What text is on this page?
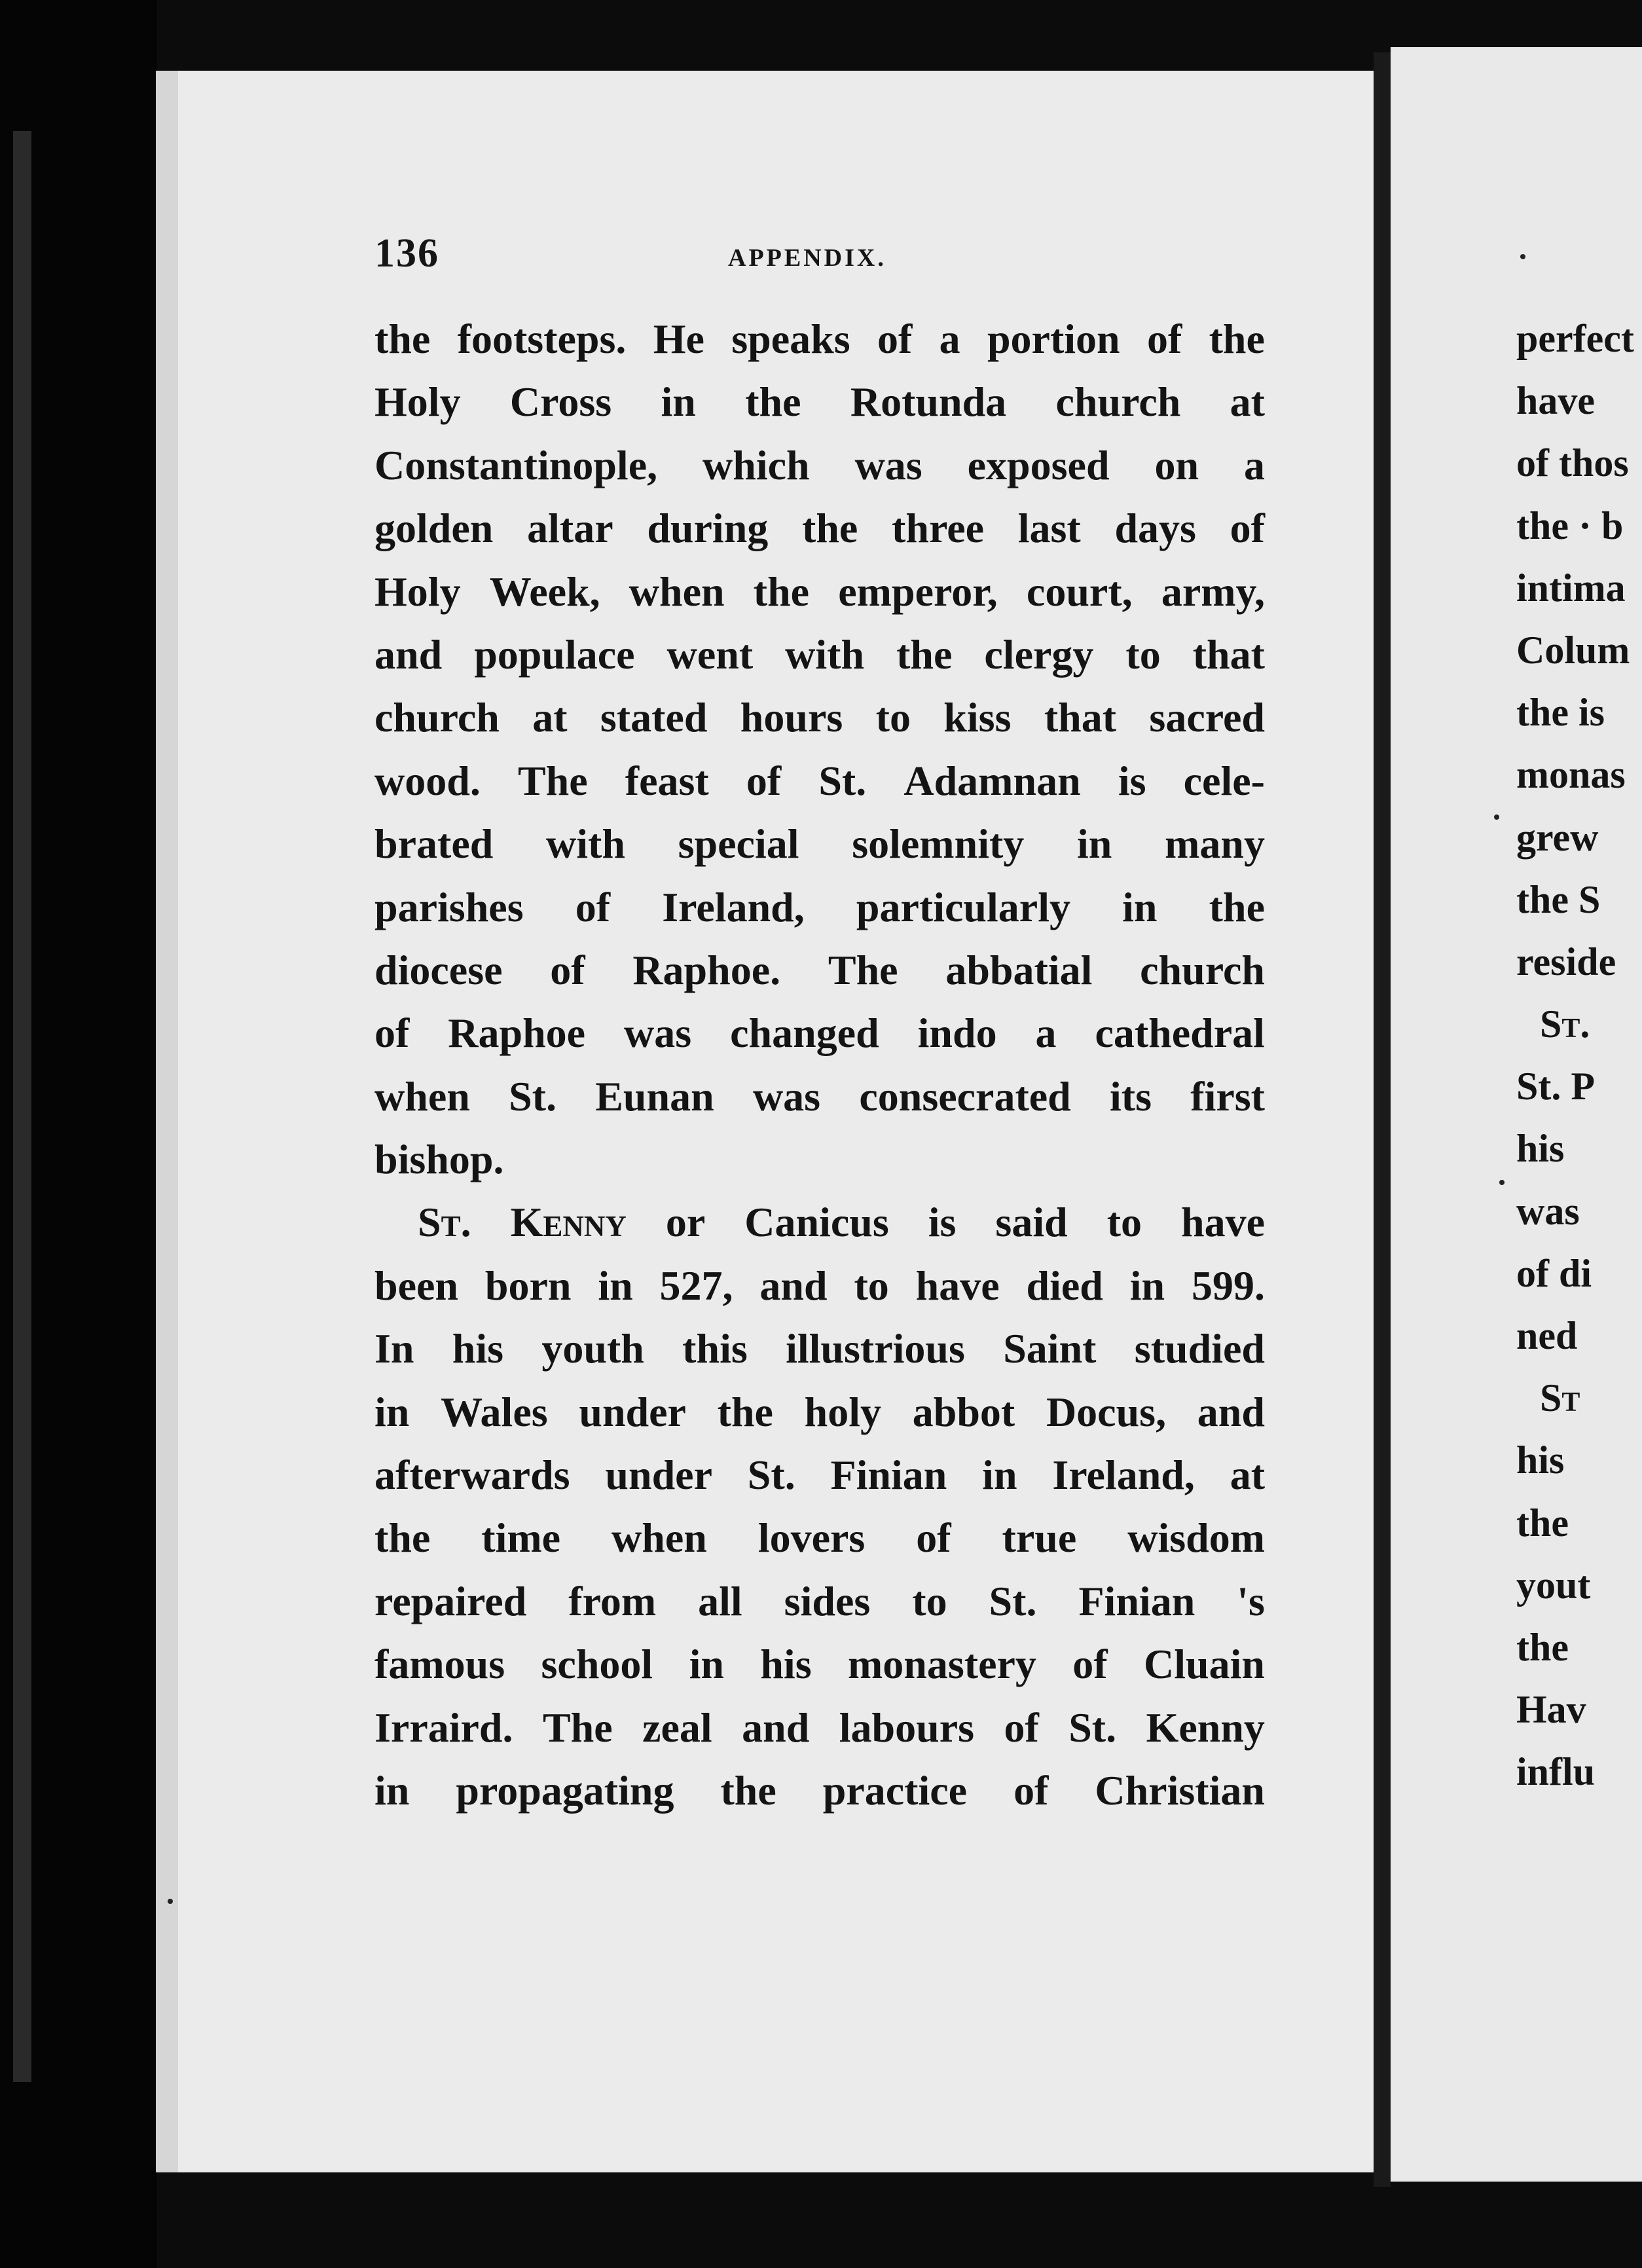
136	APPENDIX.
the footsteps. He speaks of a portion of the
Holy Cross in the Rotunda church at
Constantinople, which was exposed on a
golden altar during the three last days of
Holy Week, when the emperor, court, army,
and populace went with the clergy to that
church at stated hours to kiss that sacred
wood. The feast of St. Adamnan is cele-
brated with special solemnity in many
parishes of Ireland, particularly in the
diocese of Raphoe. The abbatial church
of Raphoe was changed indo a cathedral
when St. Eunan was consecrated its first
bishop.
St. Kenny or Canicus is said to have
been born in 527, and to have died in 599.
In his youth this illustrious Saint studied
in Wales under the holy abbot Docus, and
afterwards under St. Finian in Ireland, at
the time when lovers of true wisdom
repaired from all sides to St. Finian 's
famous school in his monastery of Cluain
Irraird. The zeal and labours of St. Kenny
in propagating the practice of Christian
perfect
have
of thos
the · b
intima
Colum
the is
monas
grew
the S
reside
St.
St. P
his
was
of di
ned
St
his
the
yout
the
Hav
influ
